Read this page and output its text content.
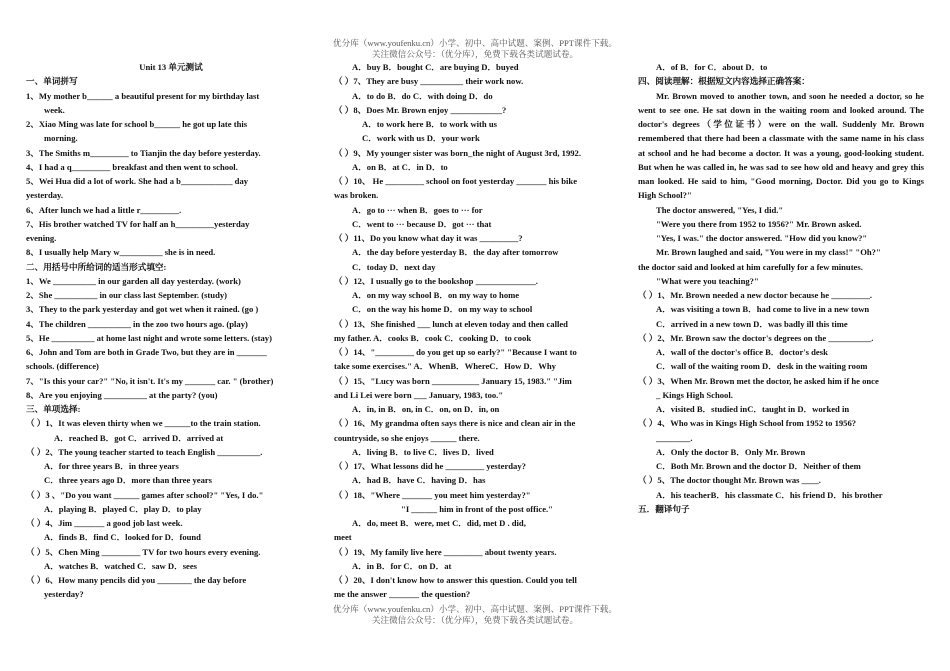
优分库（www.youfenku.cn）小学、初中、高中试题、案例、PPT课件下载。
关注微信公众号：（优分库），免费下载各类试题试卷。
Unit 13 单元测试
一、单词拼写
1、My mother b______ a beautiful present for my birthday last
week.
2、Xiao Ming was late for school b______ he got up late this
morning.
3、The Smiths m_________ to Tianjin the day before yesterday.
4、I had a q_________ breakfast and then went to school.
5、Wei Hua did a lot of work. She had a b____________ day
yesterday.
6、After lunch we had a little r_________.
7、His brother watched TV for half an h_________yesterday
evening.
8、I usually help Mary w__________ she is in need.
二、用括号中所给词的适当形式填空:
1、We __________ in our garden all day yesterday. (work)
2、She __________ in our class last September. (study)
3、They to the park yesterday and got wet when it rained. (go )
4、The children __________ in the zoo two hours ago. (play)
5、He __________ at home last night and wrote some letters. (stay)
6、John and Tom are both in Grade Two, but they are in _______
schools. (difference)
7、"Is this your car?" "No, it isn't. It's my _______ car. " (brother)
8、Are you enjoying __________ at the party? (you)
三、单项选择:
（ ）1、It was eleven thirty when we ______to the train station.
A．reached B．got C．arrived D．arrived at
（ ）2、The young teacher started to teach English __________.
A．for three years B．in three years
C．three years ago D．more than three years
（ ）3 、"Do you want ______ games after school?" "Yes, I do."
A．playing B．played C．play D．to play
（ ）4、Jim _______ a good job last week.
A．finds B．find C．looked for D．found
（ ）5、Chen Ming _________ TV for two hours every evening.
A．watches B．watched C．saw D．sees
（ ）6、How many pencils did you ________ the day before
yesterday?
A．buy B．bought C．are buying D．buyed
（ ）7、They are busy __________ their work now.
A．to do B．do C．with doing D．do
（ ）8、Does Mr. Brown enjoy ____________?
A．to work here B．to work with us
C．work with us D．your work
（ ）9、My younger sister was born_the night of August 3rd, 1992.
A．on B．at C．in D．to
（ ）10、 He _________ school on foot yesterday _______ his bike
was broken.
A．go to ··· when B．goes to ··· for
C．went to ··· because D．got ··· that
（ ）11、Do you know what day it was _________?
A．the day before yesterday B．the day after tomorrow
C．today D．next day
（ ）12、I usually go to the bookshop ______________.
A．on my way school B．on my way to home
C．on the way his home D．on my way to school
（ ）13、She finished ___ lunch at eleven today and then called
my father. A．cooks B．cook C．cooking D．to cook
（ ）14、"_________ do you get up so early?" "Because I want to
take some exercises." A．WhenB．WhereC．How D．Why
（ ）15、"Lucy was born ___________ January 15, 1983." "Jim
and Li Lei were born ___ January, 1983, too."
A．in, in B．on, in C．on, on D．in, on
（ ）16、My grandma often says there is nice and clean air in the
countryside, so she enjoys ______ there.
A．living B．to live C．lives D．lived
（ ）17、What lessons did he _________ yesterday?
A．had B．have C．having D．has
（ ）18、"Where _______ you meet him yesterday?"
"I ______ him in front of the post office."
A．do, meet B．were, met C．did, met D . did,
meet
（ ）19、My family live here _________ about twenty years.
A．in B．for C．on D．at
（ ）20、I don't know how to answer this question. Could you tell
me the answer _______ the question?
A．of B．for C．about D．to
四、阅读理解：根据短文内容选择正确答案：
Mr. Brown moved to another town, and soon he needed a doctor, so he went to see one. He sat down in the waiting room and looked around. The doctor's degrees（学位证书）were on the wall. Suddenly Mr. Brown remembered that there had been a classmate with the same name in his class at school and he had become a doctor. It was a young, good-looking student. But when he was called in, he was sad to see how old and heavy and grey this man looked. He said to him, "Good morning, Doctor. Did you go to Kings High School?"
The doctor answered, "Yes, I did."
"Were you there from 1952 to 1956?" Mr. Brown asked.
"Yes, I was." the doctor answered. "How did you know?"
Mr. Brown laughed and said, "You were in my class!" "Oh?"
the doctor said and looked at him carefully for a few minutes.
"What were you teaching?"
（ ）1、Mr. Brown needed a new doctor because he _________.
A．was visiting a town B．had come to live in a new town
C．arrived in a new town D．was badly ill this time
（ ）2、Mr. Brown saw the doctor's degrees on the __________.
A．wall of the doctor's office B．doctor's desk
C．wall of the waiting room D．desk in the waiting room
（ ）3、When Mr. Brown met the doctor, he asked him if he once
_ Kings High School.
A．visited B．studied inC．taught in D．worked in
（ ）4、Who was in Kings High School from 1952 to 1956?
________.
A．Only the doctor B．Only Mr. Brown
C．Both Mr. Brown and the doctor D．Neither of them
（ ）5、The doctor thought Mr. Brown was ____.
A．his teacherB．his classmate C．his friend D．his brother
五．翻译句子
优分库（www.youfenku.cn）小学、初中、高中试题、案例、PPT课件下载。
关注微信公众号：（优分库），免费下载各类试题试卷。
